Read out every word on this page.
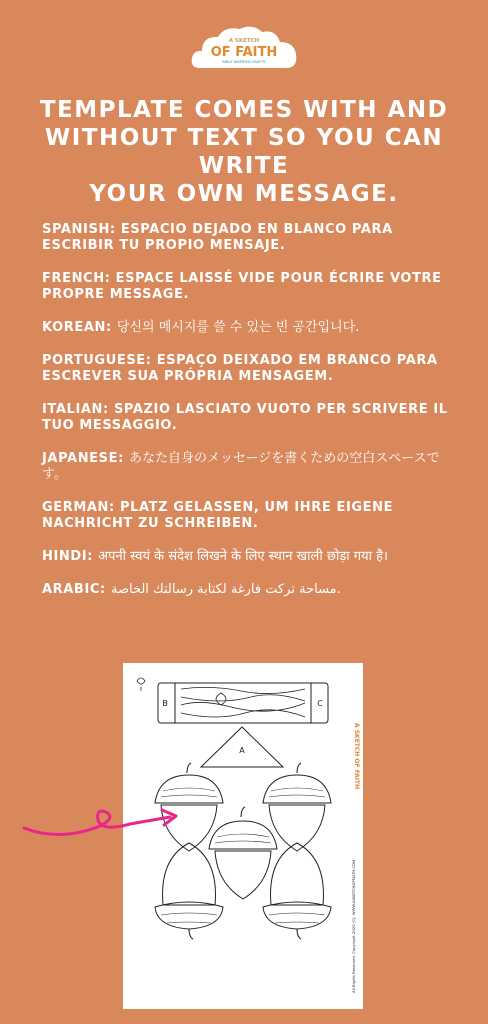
A SKETCH
OF FAITH
BIBLE INSPIRED CRAFTS
TEMPLATE COMES WITH AND
WITHOUT TEXT SO YOU CAN WRITE
YOUR OWN MESSAGE.
SPANISH: ESPACIO DEJADO EN BLANCO PARA ESCRIBIR TU PROPIO MENSAJE.
FRENCH: ESPACE LAISSÉ VIDE POUR ÉCRIRE VOTRE PROPRE MESSAGE.
KOREAN: 당신의 메시지를 쓸 수 있는 빈 공간입니다.
PORTUGUESE: ESPAÇO DEIXADO EM BRANCO PARA ESCREVER SUA PRÓPRIA MENSAGEM.
ITALIAN: SPAZIO LASCIATO VUOTO PER SCRIVERE IL TUO MESSAGGIO.
JAPANESE: あなた自身のメッセージを書くための空白スペースです。
GERMAN: PLATZ GELASSEN, UM IHRE EIGENE NACHRICHT ZU SCHREIBEN.
HINDI: अपनी स्वयं के संदेश लिखने के लिए स्थान खाली छोड़ा गया है।
ARABIC: مساحة تركت فارغة لكتابة رسالتك الخاصة.
B	C
A	A SKETCH OF FAITH
All Rights Reserved. Copyright 2020 (C). WWW.ASKETCHOFFAITH.COM
